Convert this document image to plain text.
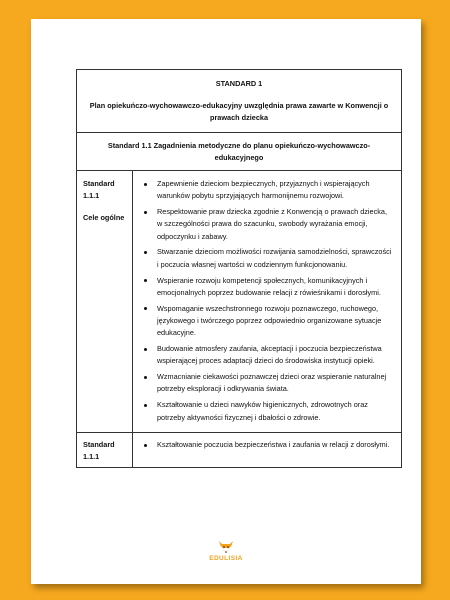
STANDARD 1
Plan opiekuńczo-wychowawczo-edukacyjny uwzględnia prawa zawarte w Konwencji o prawach dziecka
Standard 1.1 Zagadnienia metodyczne do planu opiekuńczo-wychowawczo-edukacyjnego
Standard 1.1.1
Cele ogólne
Zapewnienie dzieciom bezpiecznych, przyjaznych i wspierających warunków pobytu sprzyjających harmonijnemu rozwojowi.
Respektowanie praw dziecka zgodnie z Konwencją o prawach dziecka, w szczególności prawa do szacunku, swobody wyrażania emocji, odpoczynku i zabawy.
Stwarzanie dzieciom możliwości rozwijania samodzielności, sprawczości i poczucia własnej wartości w codziennym funkcjonowaniu.
Wspieranie rozwoju kompetencji społecznych, komunikacyjnych i emocjonalnych poprzez budowanie relacji z rówieśnikami i dorosłymi.
Wspomaganie wszechstronnego rozwoju poznawczego, ruchowego, językowego i twórczego poprzez odpowiednio organizowane sytuacje edukacyjne.
Budowanie atmosfery zaufania, akceptacji i poczucia bezpieczeństwa wspierającej proces adaptacji dzieci do środowiska instytucji opieki.
Wzmacnianie ciekawości poznawczej dzieci oraz wspieranie naturalnej potrzeby eksploracji i odkrywania świata.
Kształtowanie u dzieci nawyków higienicznych, zdrowotnych oraz potrzeby aktywności fizycznej i dbałości o zdrowie.
Standard 1.1.1
Kształtowanie poczucia bezpieczeństwa i zaufania w relacji z dorosłymi.
EDULISIA
